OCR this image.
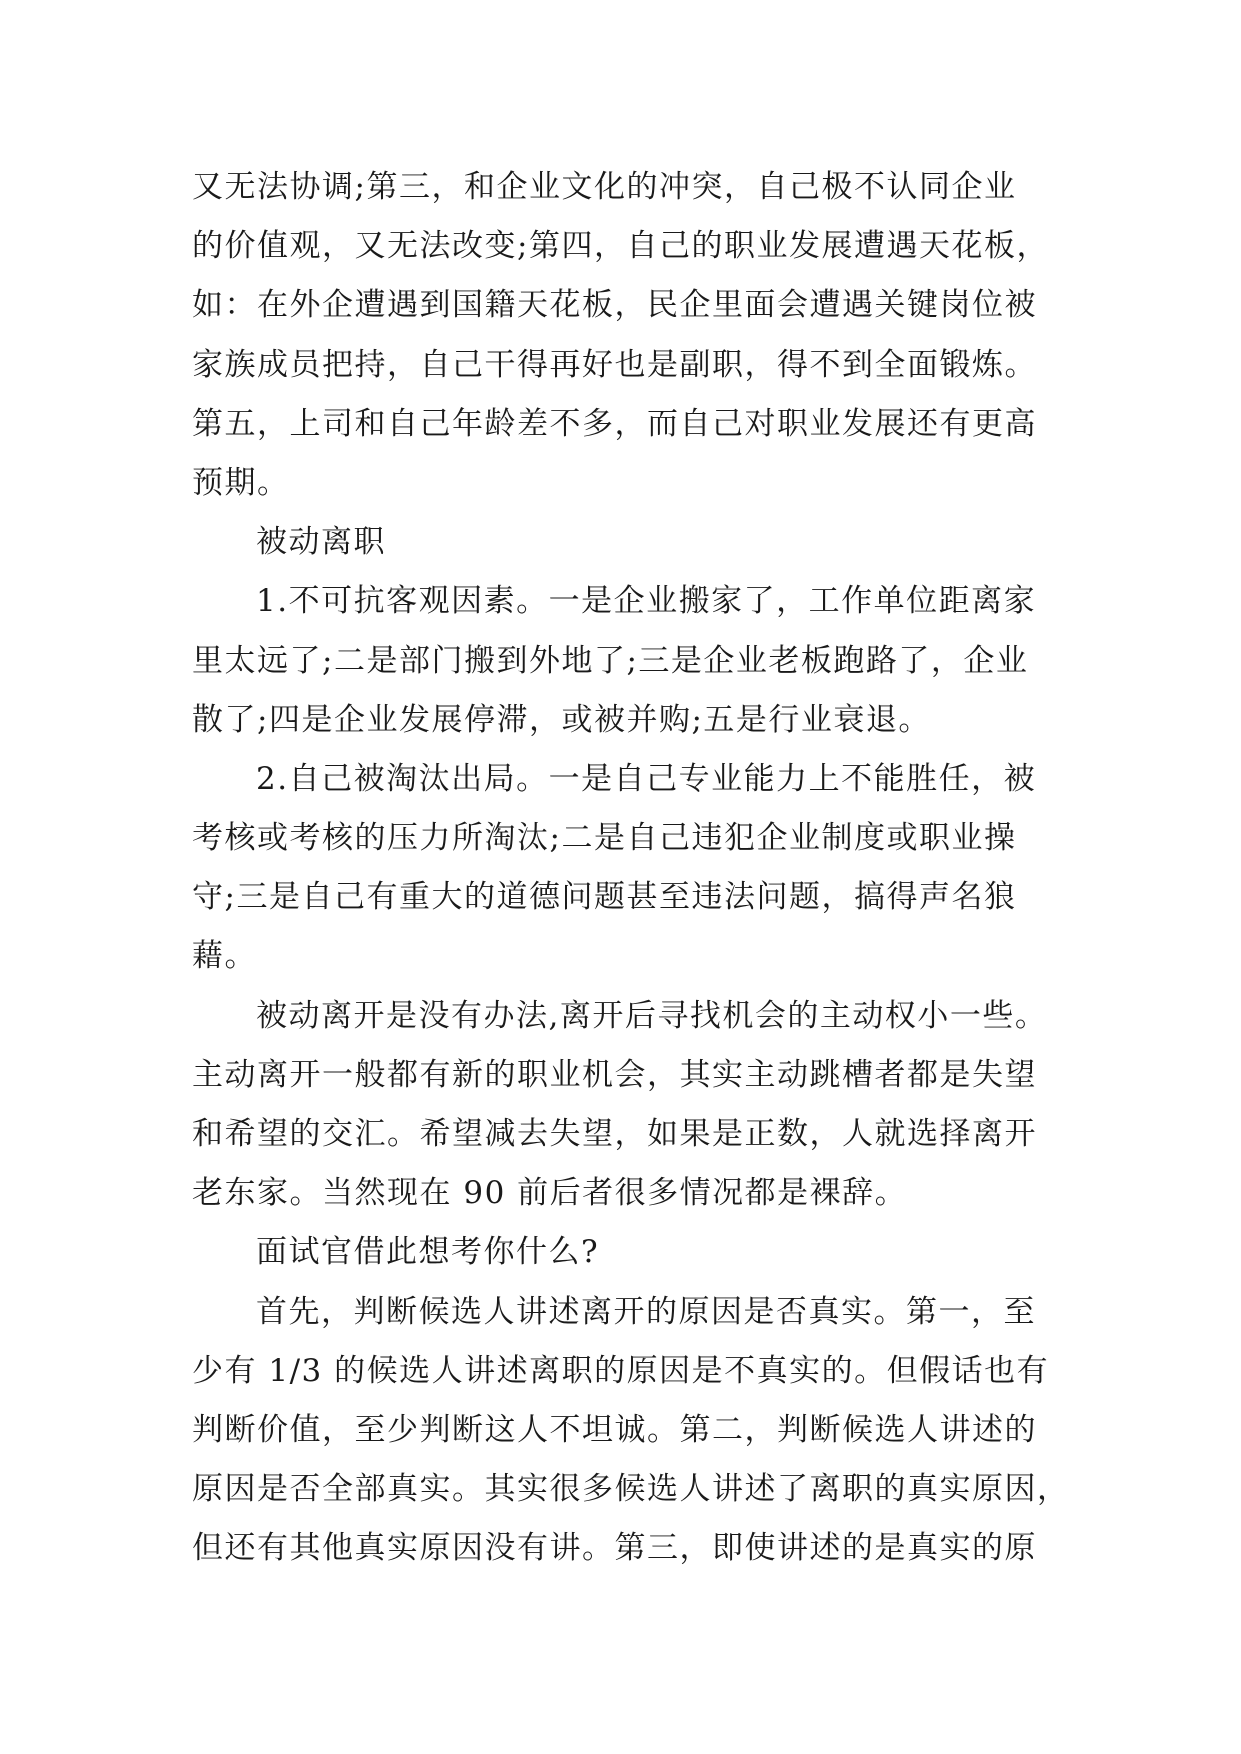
又无法协调;第三，和企业文化的冲突，自己极不认同企业
的价值观，又无法改变;第四，自己的职业发展遭遇天花板，
如：在外企遭遇到国籍天花板，民企里面会遭遇关键岗位被
家族成员把持，自己干得再好也是副职，得不到全面锻炼。
第五，上司和自己年龄差不多，而自己对职业发展还有更高
预期。
被动离职
1.不可抗客观因素。一是企业搬家了，工作单位距离家
里太远了;二是部门搬到外地了;三是企业老板跑路了，企业
散了;四是企业发展停滞，或被并购;五是行业衰退。
2.自己被淘汰出局。一是自己专业能力上不能胜任，被
考核或考核的压力所淘汰;二是自己违犯企业制度或职业操
守;三是自己有重大的道德问题甚至违法问题，搞得声名狼
藉。
被动离开是没有办法,离开后寻找机会的主动权小一些。
主动离开一般都有新的职业机会，其实主动跳槽者都是失望
和希望的交汇。希望减去失望，如果是正数，人就选择离开
老东家。当然现在 90 前后者很多情况都是裸辞。
面试官借此想考你什么?
首先，判断候选人讲述离开的原因是否真实。第一，至
少有 1/3 的候选人讲述离职的原因是不真实的。但假话也有
判断价值，至少判断这人不坦诚。第二，判断候选人讲述的
原因是否全部真实。其实很多候选人讲述了离职的真实原因，
但还有其他真实原因没有讲。第三，即使讲述的是真实的原
